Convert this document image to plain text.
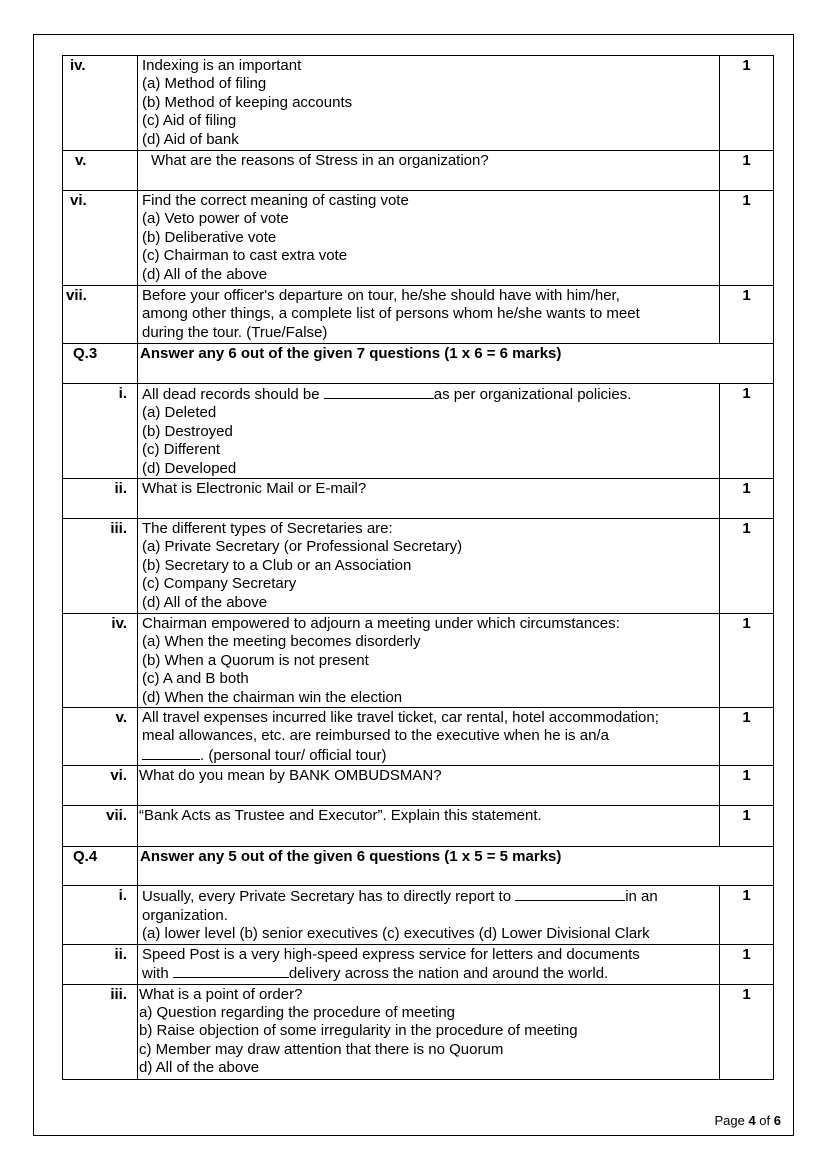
iv.	Indexing is an important
(a) Method of filing
(b) Method of keeping accounts
(c) Aid of filing
(d) Aid of bank	1
v.	What are the reasons of Stress in an organization?	1
vi.	Find the correct meaning of casting vote
(a) Veto power of vote
(b) Deliberative vote
(c) Chairman to cast extra vote
(d) All of the above	1
vii.	Before your officer's departure on tour, he/she should have with him/her,
among other things, a complete list of persons whom he/she wants to meet
during the tour. (True/False)	1
Q.3	Answer any 6 out of the given 7 questions (1 x 6 = 6 marks)	
i.	All dead records should be as per organizational policies.
(a) Deleted
(b) Destroyed
(c) Different
(d) Developed	1
ii.	What is Electronic Mail or E-mail?	1
iii.	The different types of Secretaries are:
(a) Private Secretary (or Professional Secretary)
(b) Secretary to a Club or an Association
(c) Company Secretary
(d) All of the above	1
iv.	Chairman empowered to adjourn a meeting under which circumstances:
(a) When the meeting becomes disorderly
(b) When a Quorum is not present
(c) A and B both
(d) When the chairman win the election	1
v.	All travel expenses incurred like travel ticket, car rental, hotel accommodation;
meal allowances, etc. are reimbursed to the executive when he is an/a
. (personal tour/ official tour)	1
vi.	What do you mean by BANK OMBUDSMAN?	1
vii.	“Bank Acts as Trustee and Executor”. Explain this statement.	1
Q.4	Answer any 5 out of the given 6 questions (1 x 5 = 5 marks)	
i.	Usually, every Private Secretary has to directly report to in an
organization.
(a) lower level (b) senior executives (c) executives (d) Lower Divisional Clark	1
ii.	Speed Post is a very high-speed express service for letters and documents
with delivery across the nation and around the world.	1
iii.	What is a point of order?
a) Question regarding the procedure of meeting
b) Raise objection of some irregularity in the procedure of meeting
c) Member may draw attention that there is no Quorum
d) All of the above	1
Page 4 of 6
